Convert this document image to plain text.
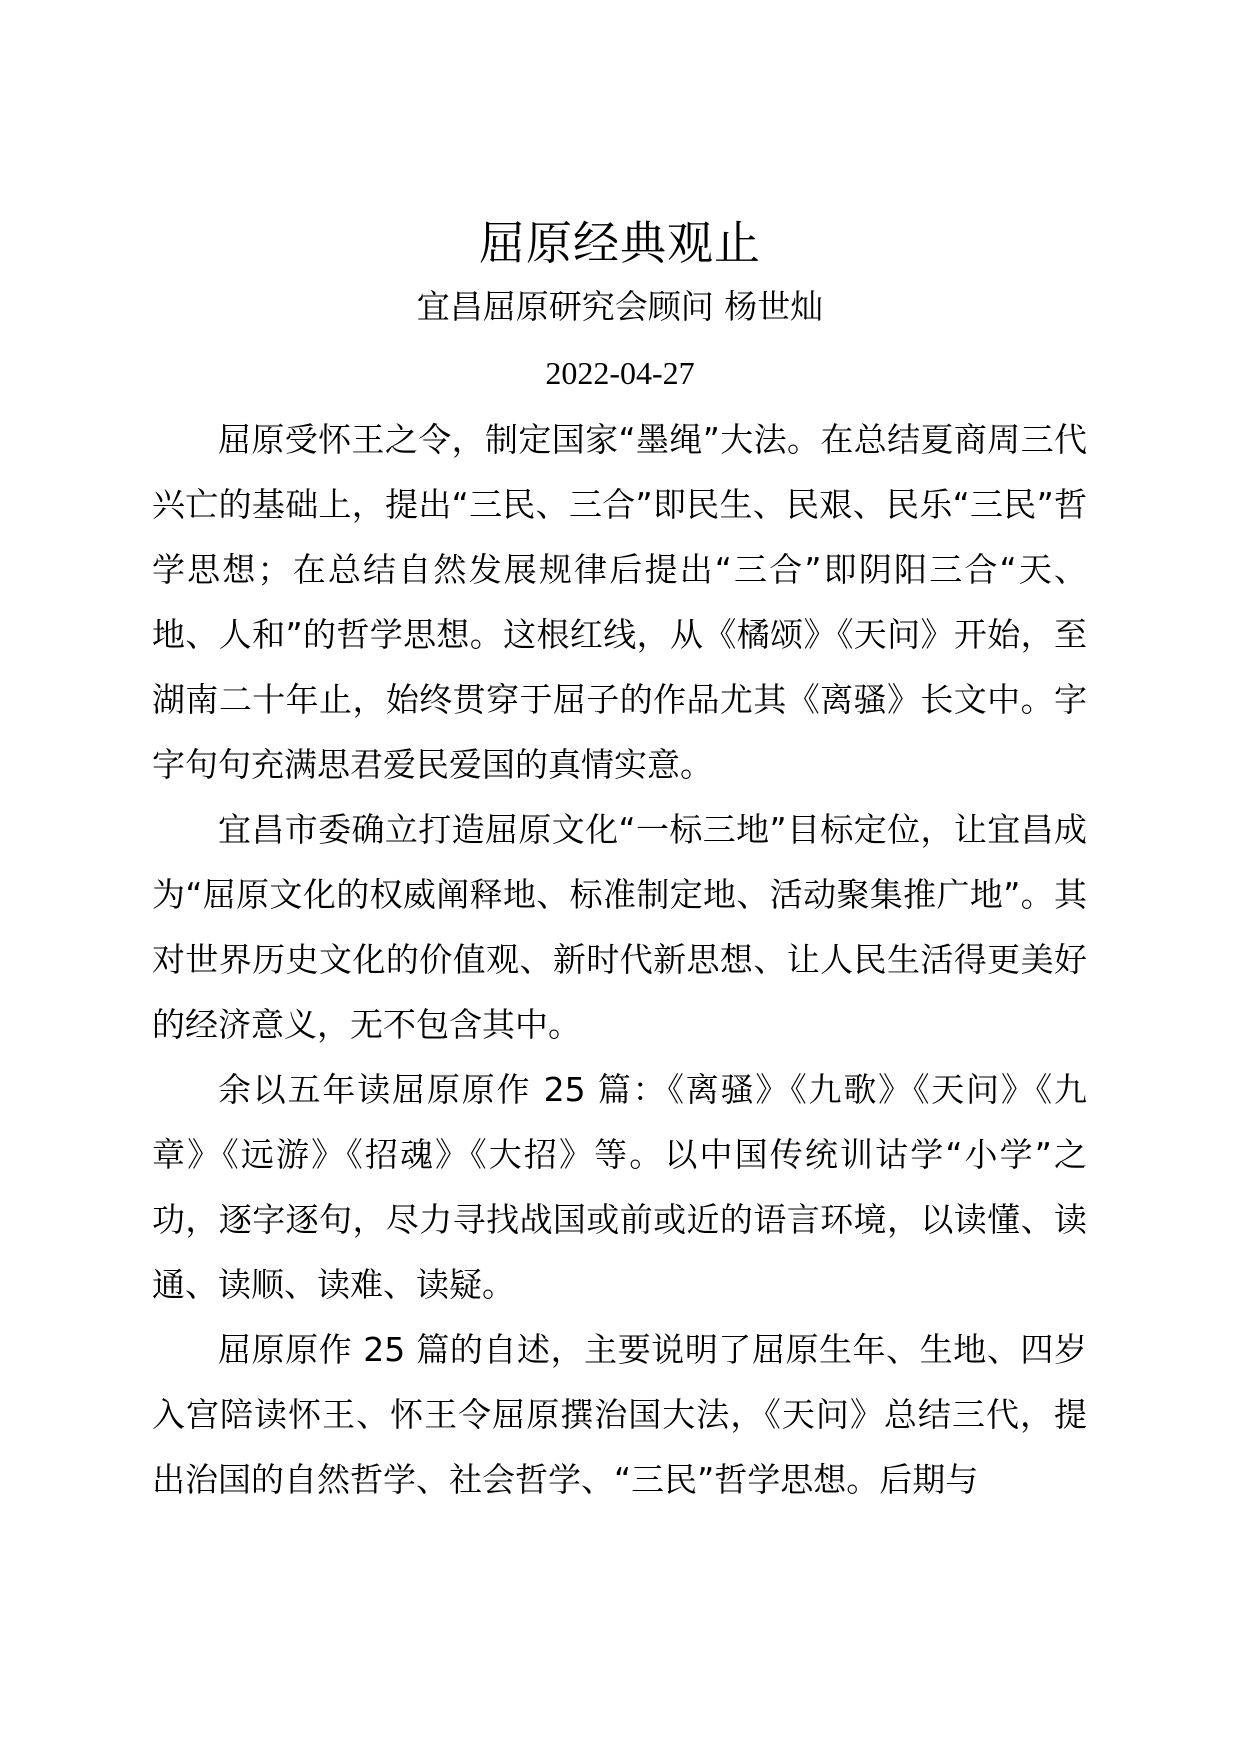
屈原经典观止
宜昌屈原研究会顾问 杨世灿
2022-04-27

屈原受怀王之令，制定国家“墨绳”大法。在总结夏商周三代兴亡的基础上，提出“三民、三合”即民生、民艰、民乐“三民”哲学思想；在总结自然发展规律后提出“三合”即阴阳三合“天、地、人和”的哲学思想。这根红线，从《橘颂》《天问》开始，至湖南二十年止，始终贯穿于屈子的作品尤其《离骚》长文中。字字句句充满思君爱民爱国的真情实意。

宜昌市委确立打造屈原文化“一标三地”目标定位，让宜昌成为“屈原文化的权威阐释地、标准制定地、活动聚集推广地”。其对世界历史文化的价值观、新时代新思想、让人民生活得更美好的经济意义，无不包含其中。

余以五年读屈原原作 25 篇：《离骚》《九歌》《天问》《九章》《远游》《招魂》《大招》等。以中国传统训诂学“小学”之功，逐字逐句，尽力寻找战国或前或近的语言环境，以读懂、读通、读顺、读难、读疑。

屈原原作 25 篇的自述，主要说明了屈原生年、生地、四岁入宫陪读怀王、怀王令屈原撰治国大法，《天问》总结三代，提出治国的自然哲学、社会哲学、“三民”哲学思想。后期与
